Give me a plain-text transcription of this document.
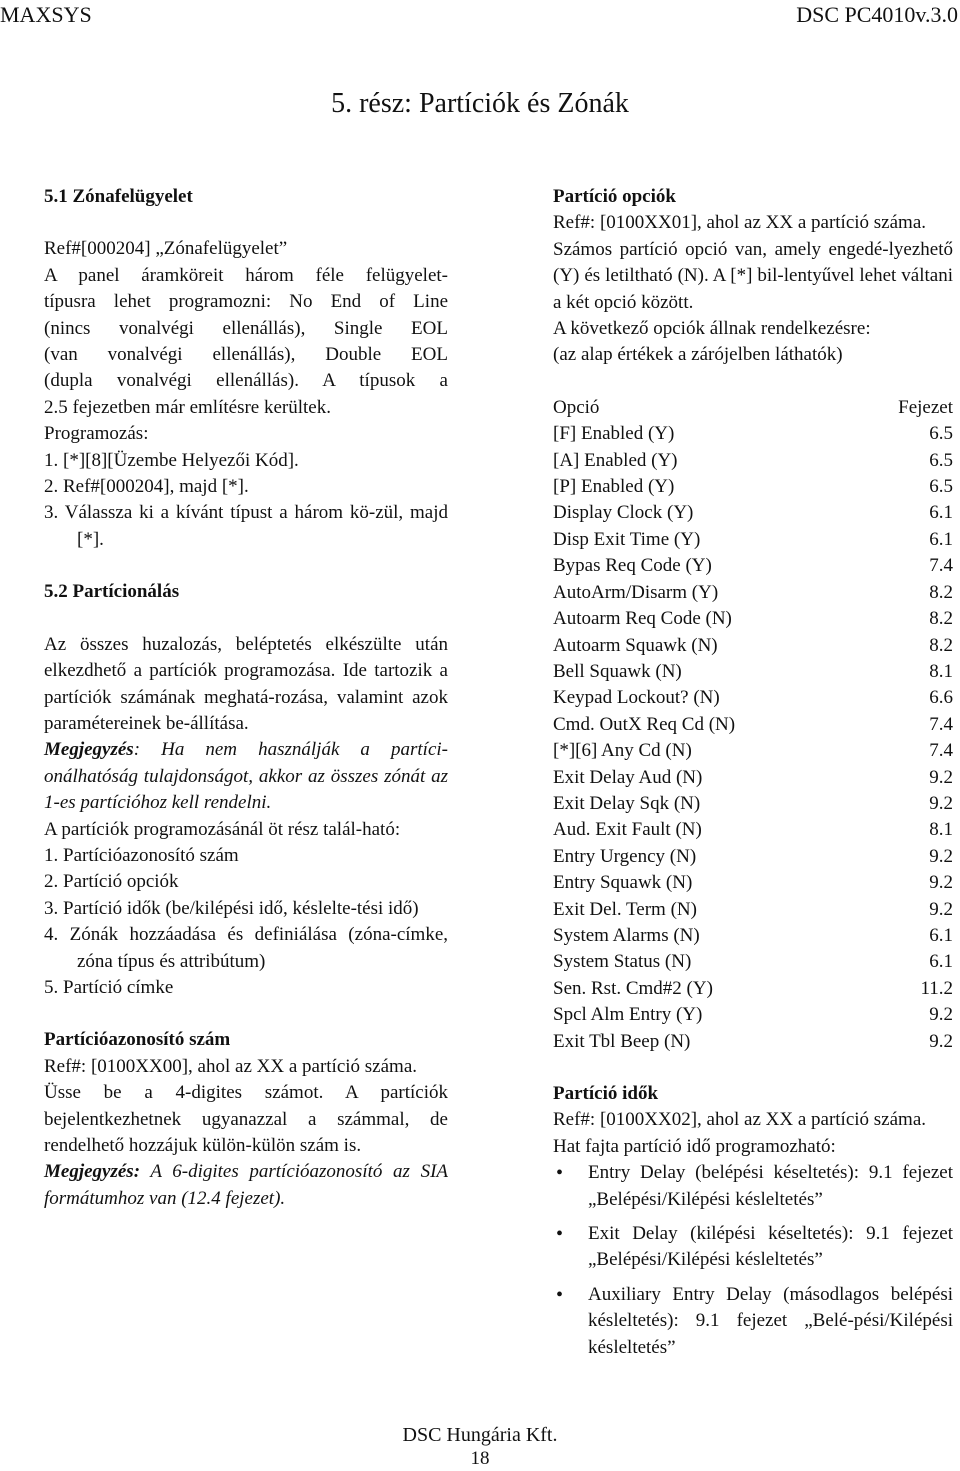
MAXSYS	DSC PC4010v.3.0
5. rész: Partíciók és Zónák

5.1 Zónafelügyelet

Ref#[000204] „Zónafelügyelet”

A panel áramköreit három féle felügyelet-

típusra lehet programozni: No End of Line

(nincs vonalvégi ellenállás), Single EOL

(van vonalvégi ellenállás), Double EOL

(dupla vonalvégi ellenállás). A típusok a

2.5 fejezetben már említésre kerültek.

Programozás:

1. [*][8][Üzembe Helyezői Kód].

2. Ref#[000204], majd [*].

3. Válassza ki a kívánt típust a három kö-zül, majd [*].

5.2 Partícionálás

Az összes huzalozás, beléptetés elkészülte után elkezdhető a partíciók programozása. Ide tartozik a partíciók számának meghatá-rozása, valamint azok paramétereinek be-állítása.

Megjegyzés: Ha nem használják a partíci-onálhatóság tulajdonságot, akkor az összes zónát az 1-es partícióhoz kell rendelni.

A partíciók programozásánál öt rész talál-ható:

1. Partícióazonosító szám

2. Partíció opciók

3. Partíció idők (be/kilépési idő, késlelte-tési idő)

4. Zónák hozzáadása és definiálása (zóna-címke, zóna típus és attribútum)

5. Partíció címke

Partícióazonosító szám

Ref#: [0100XX00], ahol az XX a partíció száma.

Üsse be a 4-digites számot. A partíciók bejelentkezhetnek ugyanazzal a számmal, de rendelhető hozzájuk külön-külön szám is.

Megjegyzés: A 6-digites partícióazonosító az SIA formátumhoz van (12.4 fejezet).

Partíció opciók

Ref#: [0100XX01], ahol az XX a partíció száma.

Számos partíció opció van, amely engedé-lyezhető (Y) és letiltható (N). A [*] bil-lentyűvel lehet váltani a két opció között.

A következő opciók állnak rendelkezésre:

(az alap értékek a zárójelben láthatók)

Opció	Fejezet
[F] Enabled (Y)	6.5
[A] Enabled (Y)	6.5
[P] Enabled (Y)	6.5
Display Clock (Y)	6.1
Disp Exit Time (Y)	6.1
Bypas Req Code (Y)	7.4
AutoArm/Disarm (Y)	8.2
Autoarm Req Code (N)	8.2
Autoarm Squawk (N)	8.2
Bell Squawk (N)	8.1
Keypad Lockout? (N)	6.6
Cmd. OutX Req Cd (N)	7.4
[*][6] Any Cd (N)	7.4
Exit Delay Aud (N)	9.2
Exit Delay Sqk (N)	9.2
Aud. Exit Fault (N)	8.1
Entry Urgency (N)	9.2
Entry Squawk (N)	9.2
Exit Del. Term (N)	9.2
System Alarms (N)	6.1
System Status (N)	6.1
Sen. Rst. Cmd#2 (Y)	11.2
Spcl Alm Entry (Y)	9.2
Exit Tbl Beep (N)	9.2

Partíció idők

Ref#: [0100XX02], ahol az XX a partíció száma.

Hat fajta partíció idő programozható:

• Entry Delay (belépési késeltetés): 9.1 fejezet „Belépési/Kilépési késleltetés”
• Exit Delay (kilépési késeltetés): 9.1 fejezet „Belépési/Kilépési késleltetés”
• Auxiliary Entry Delay (másodlagos belépési késleltetés): 9.1 fejezet „Belé-pési/Kilépési késleltetés”
DSC Hungária Kft.
18
